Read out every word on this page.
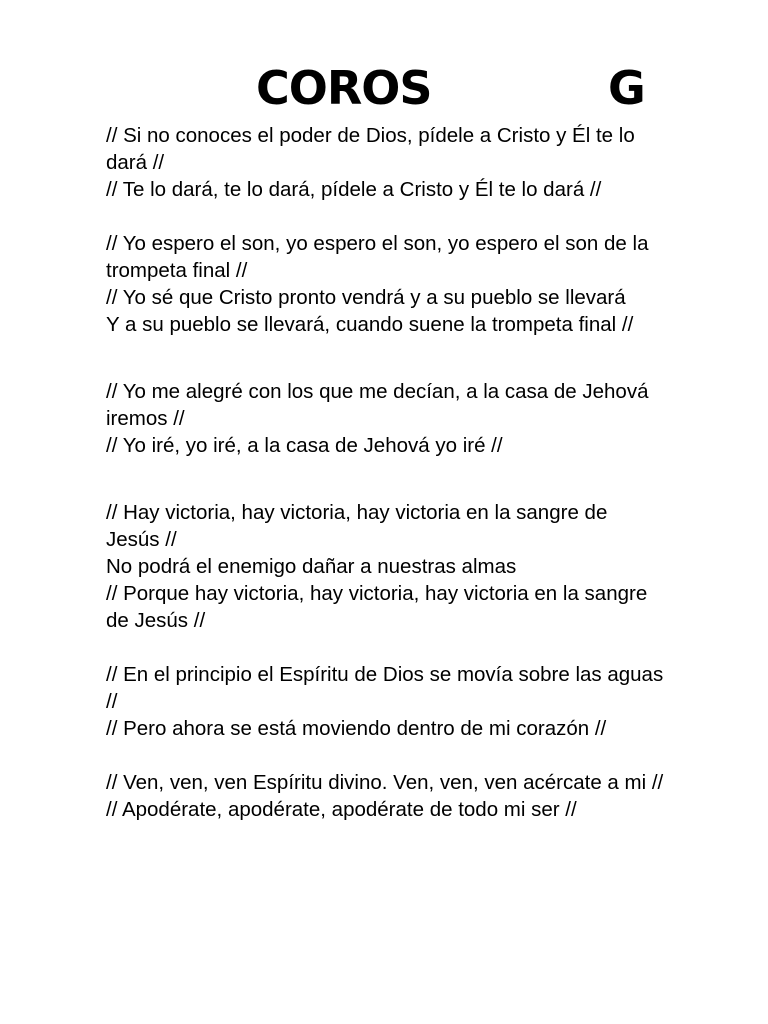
COROS	G
// Si no conoces el poder de Dios, pídele a Cristo y Él te lo dará //
// Te lo dará, te lo dará, pídele a Cristo y Él te lo dará //
// Yo espero el son, yo espero el son, yo espero el son de la trompeta final //
// Yo sé que Cristo pronto vendrá y a su pueblo se llevará
Y a su pueblo se llevará, cuando suene la trompeta final //
// Yo me alegré con los que me decían, a la casa de Jehová iremos //
// Yo iré, yo iré, a la casa de Jehová yo iré //
// Hay victoria, hay victoria, hay victoria en la sangre de Jesús //
No podrá el enemigo dañar a nuestras almas
// Porque hay victoria, hay victoria, hay victoria en la sangre de Jesús //
// En el principio el Espíritu de Dios se movía sobre las aguas //
// Pero ahora se está moviendo dentro de mi corazón //
// Ven, ven, ven Espíritu divino. Ven, ven, ven acércate a mi //
// Apodérate, apodérate, apodérate de todo mi ser //
